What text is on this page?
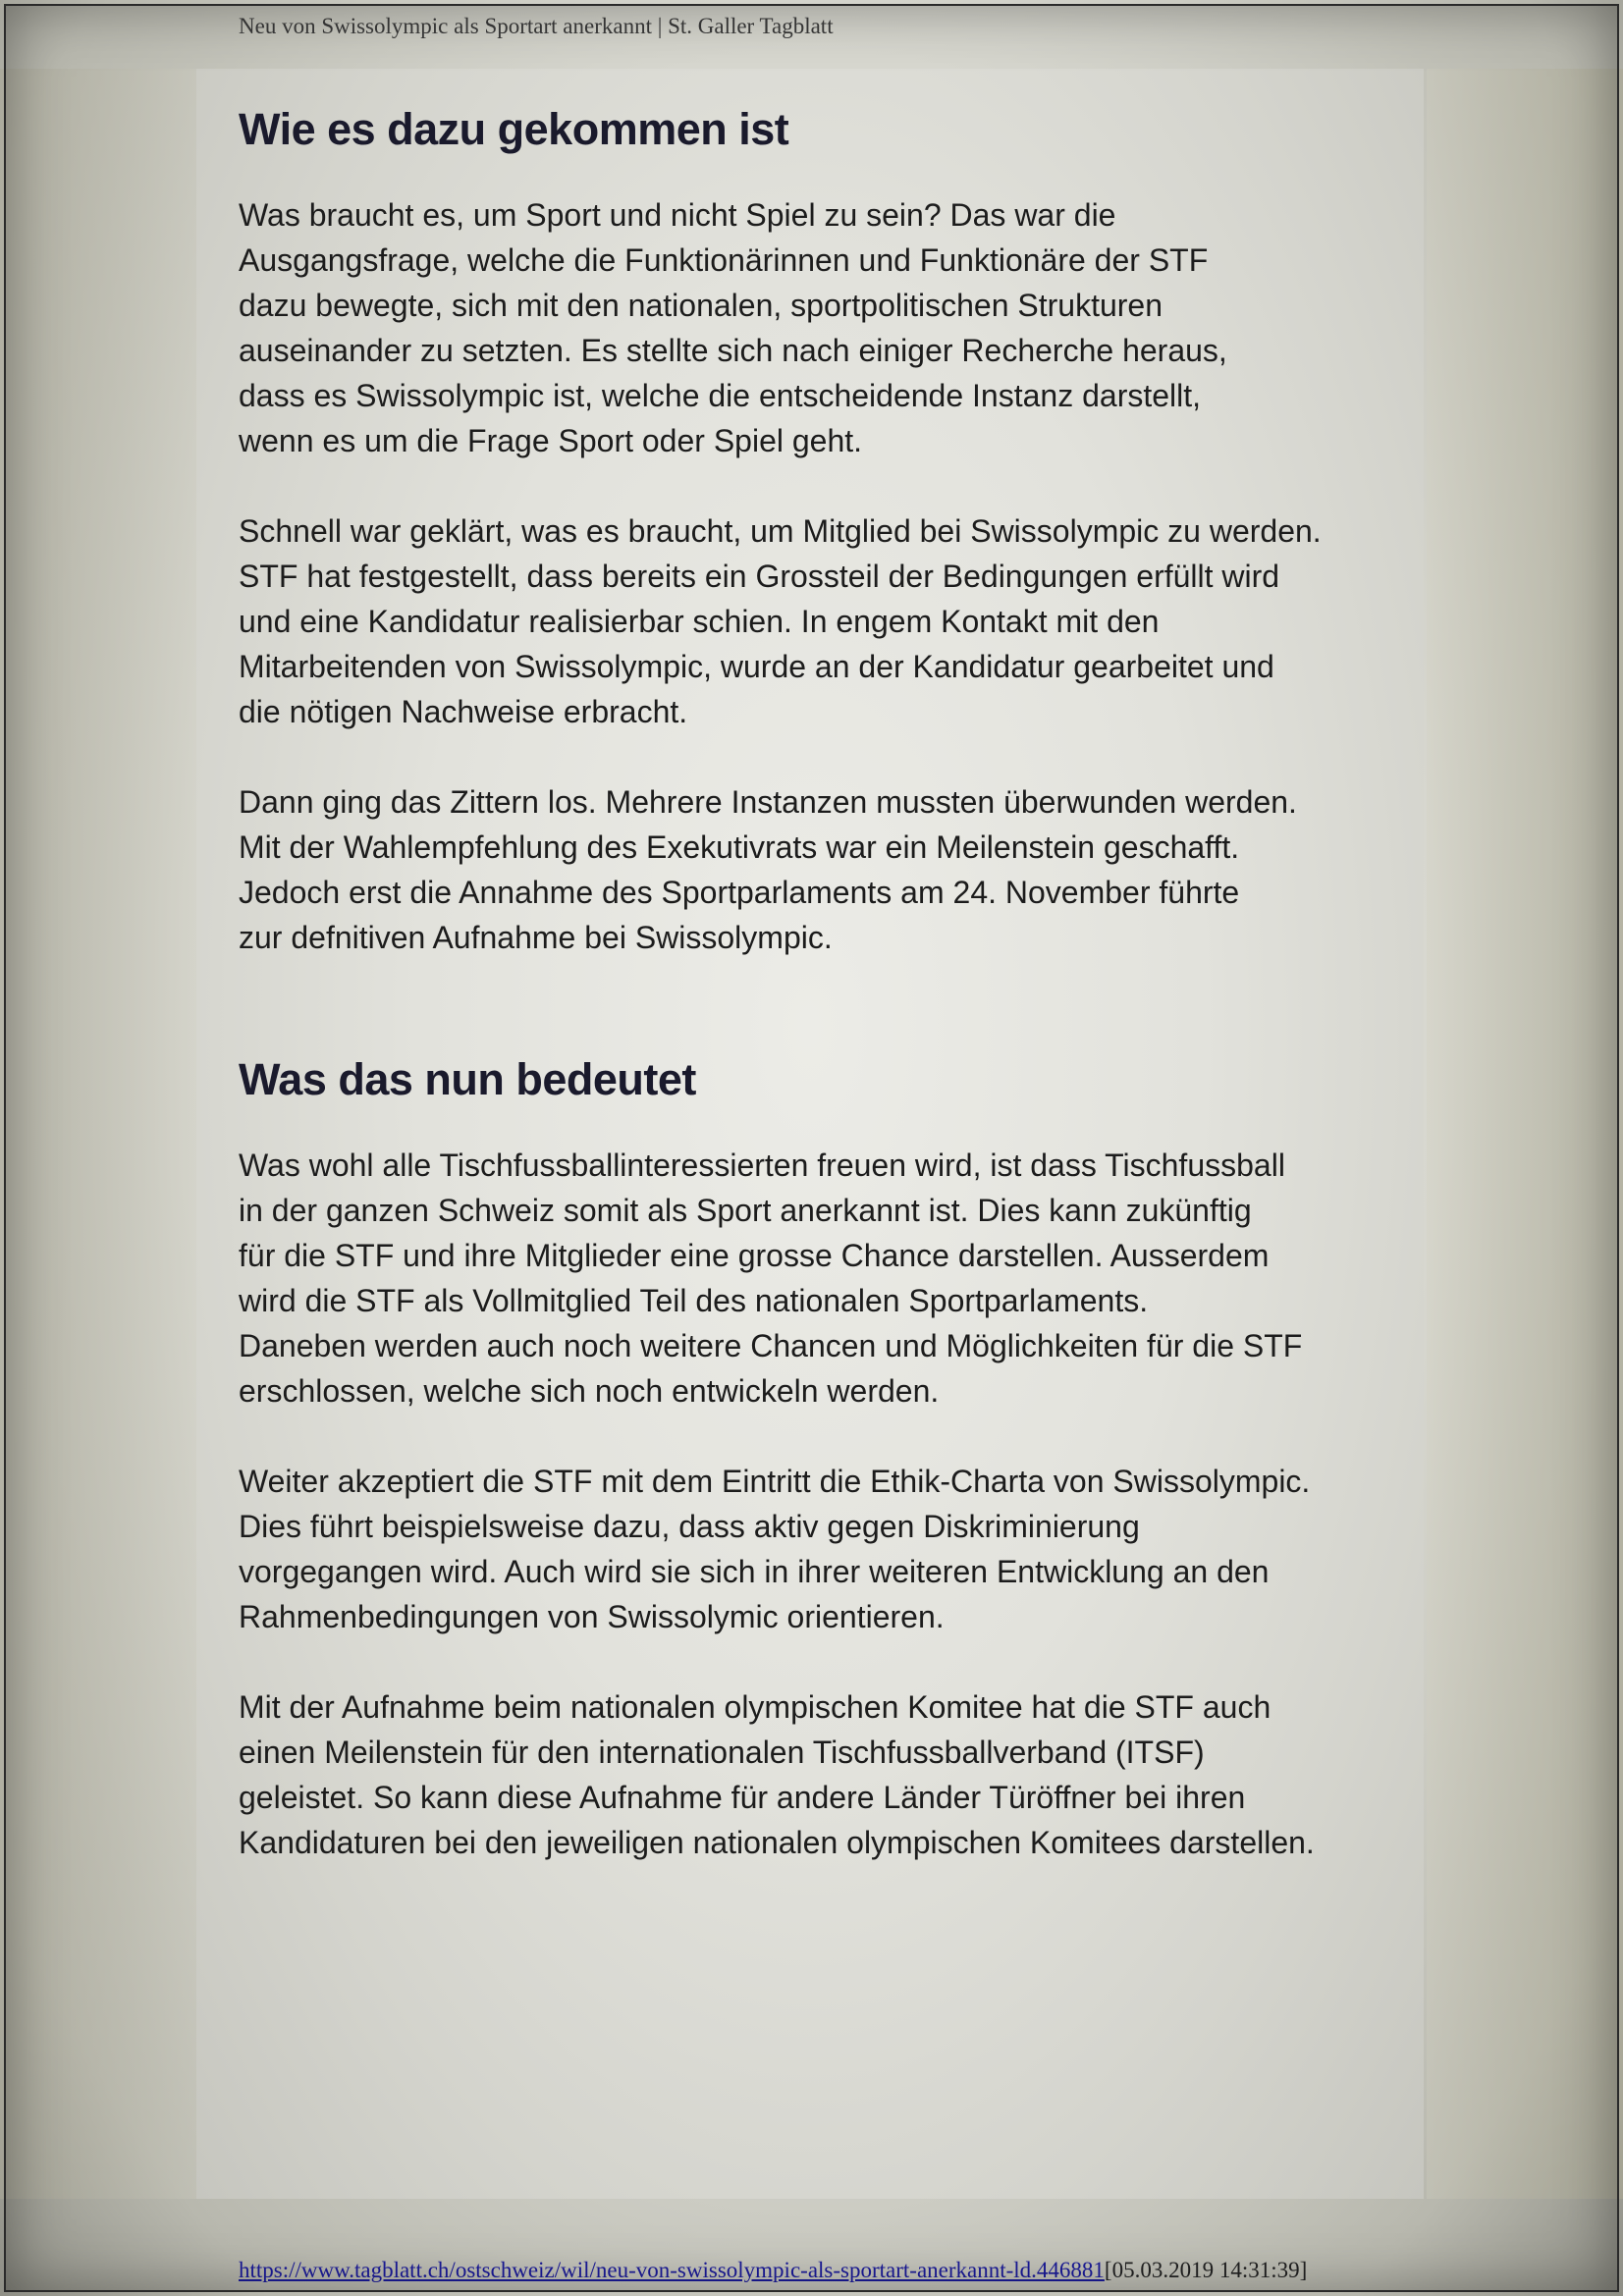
Neu von Swissolympic als Sportart anerkannt | St. Galler Tagblatt
Wie es dazu gekommen ist

Was braucht es, um Sport und nicht Spiel zu sein? Das war die
Ausgangsfrage, welche die Funktionärinnen und Funktionäre der STF
dazu bewegte, sich mit den nationalen, sportpolitischen Strukturen
auseinander zu setzten. Es stellte sich nach einiger Recherche heraus,
dass es Swissolympic ist, welche die entscheidende Instanz darstellt,
wenn es um die Frage Sport oder Spiel geht.

Schnell war geklärt, was es braucht, um Mitglied bei Swissolympic zu werden.
STF hat festgestellt, dass bereits ein Grossteil der Bedingungen erfüllt wird
und eine Kandidatur realisierbar schien. In engem Kontakt mit den
Mitarbeitenden von Swissolympic, wurde an der Kandidatur gearbeitet und
die nötigen Nachweise erbracht.

Dann ging das Zittern los. Mehrere Instanzen mussten überwunden werden.
Mit der Wahlempfehlung des Exekutivrats war ein Meilenstein geschafft.
Jedoch erst die Annahme des Sportparlaments am 24. November führte
zur defnitiven Aufnahme bei Swissolympic.

Was das nun bedeutet

Was wohl alle Tischfussballinteressierten freuen wird, ist dass Tischfussball
in der ganzen Schweiz somit als Sport anerkannt ist. Dies kann zukünftig
für die STF und ihre Mitglieder eine grosse Chance darstellen. Ausserdem
wird die STF als Vollmitglied Teil des nationalen Sportparlaments.
Daneben werden auch noch weitere Chancen und Möglichkeiten für die STF
erschlossen, welche sich noch entwickeln werden.

Weiter akzeptiert die STF mit dem Eintritt die Ethik-Charta von Swissolympic.
Dies führt beispielsweise dazu, dass aktiv gegen Diskriminierung
vorgegangen wird. Auch wird sie sich in ihrer weiteren Entwicklung an den
Rahmenbedingungen von Swissolymic orientieren.

Mit der Aufnahme beim nationalen olympischen Komitee hat die STF auch
einen Meilenstein für den internationalen Tischfussballverband (ITSF)
geleistet. So kann diese Aufnahme für andere Länder Türöffner bei ihren
Kandidaturen bei den jeweiligen nationalen olympischen Komitees darstellen.

https://www.tagblatt.ch/ostschweiz/wil/neu-von-swissolympic-als-sportart-anerkannt-ld.446881[05.03.2019 14:31:39]
